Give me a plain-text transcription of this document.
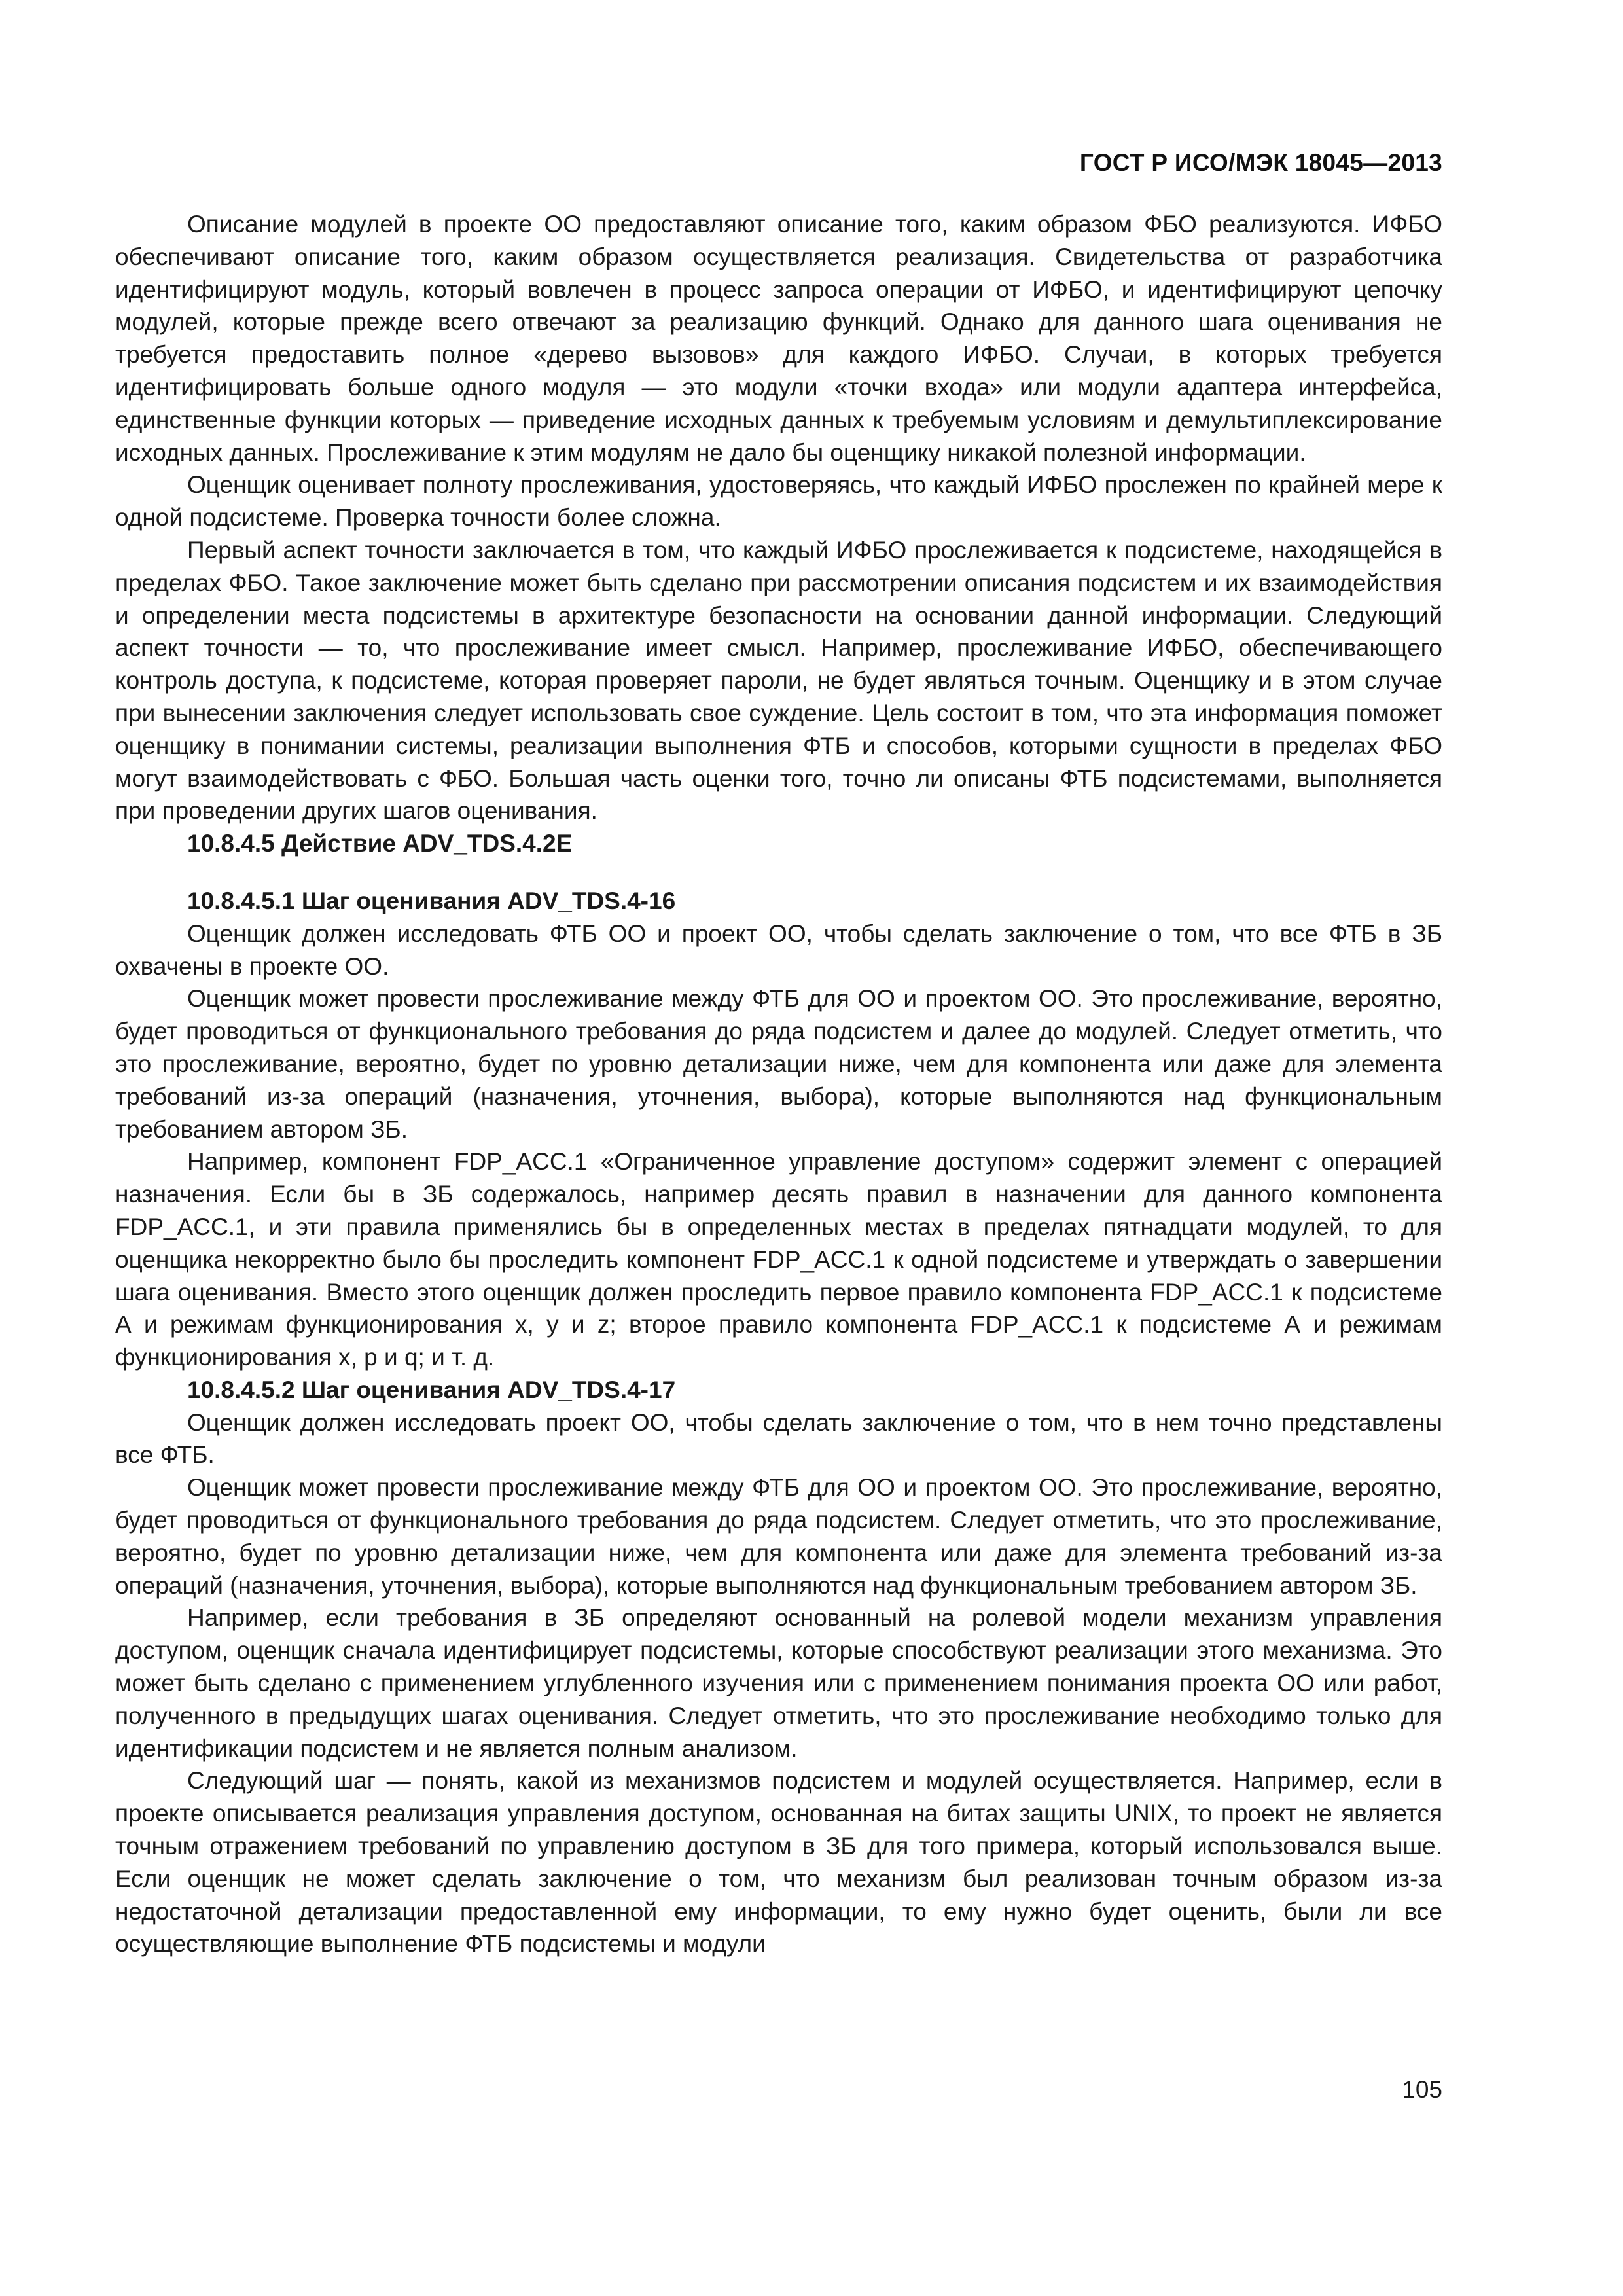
ГОСТ Р ИСО/МЭК 18045—2013

Описание модулей в проекте ОО предоставляют описание того, каким образом ФБО реализуются. ИФБО обеспечивают описание того, каким образом осуществляется реализация. Свидетельства от разработчика идентифицируют модуль, который вовлечен в процесс запроса операции от ИФБО, и идентифицируют цепочку модулей, которые прежде всего отвечают за реализацию функций. Однако для данного шага оценивания не требуется предоставить полное «дерево вызовов» для каждого ИФБО. Случаи, в которых требуется идентифицировать больше одного модуля — это модули «точки входа» или модули адаптера интерфейса, единственные функции которых — приведение исходных данных к требуемым условиям и демультиплексирование исходных данных. Прослеживание к этим модулям не дало бы оценщику никакой полезной информации.

Оценщик оценивает полноту прослеживания, удостоверяясь, что каждый ИФБО прослежен по крайней мере к одной подсистеме. Проверка точности более сложна.

Первый аспект точности заключается в том, что каждый ИФБО прослеживается к подсистеме, находящейся в пределах ФБО. Такое заключение может быть сделано при рассмотрении описания подсистем и их взаимодействия и определении места подсистемы в архитектуре безопасности на основании данной информации. Следующий аспект точности — то, что прослеживание имеет смысл. Например, прослеживание ИФБО, обеспечивающего контроль доступа, к подсистеме, которая проверяет пароли, не будет являться точным. Оценщику и в этом случае при вынесении заключения следует использовать свое суждение. Цель состоит в том, что эта информация поможет оценщику в понимании системы, реализации выполнения ФТБ и способов, которыми сущности в пределах ФБО могут взаимодействовать с ФБО. Большая часть оценки того, точно ли описаны ФТБ подсистемами, выполняется при проведении других шагов оценивания.

10.8.4.5 Действие ADV_TDS.4.2E
10.8.4.5.1 Шаг оценивания ADV_TDS.4-16

Оценщик должен исследовать ФТБ ОО и проект ОО, чтобы сделать заключение о том, что все ФТБ в ЗБ охвачены в проекте ОО.

Оценщик может провести прослеживание между ФТБ для ОО и проектом ОО. Это прослеживание, вероятно, будет проводиться от функционального требования до ряда подсистем и далее до модулей. Следует отметить, что это прослеживание, вероятно, будет по уровню детализации ниже, чем для компонента или даже для элемента требований из-за операций (назначения, уточнения, выбора), которые выполняются над функциональным требованием автором ЗБ.

Например, компонент FDP_ACC.1 «Ограниченное управление доступом» содержит элемент с операцией назначения. Если бы в ЗБ содержалось, например десять правил в назначении для данного компонента FDP_ACC.1, и эти правила применялись бы в определенных местах в пределах пятнадцати модулей, то для оценщика некорректно было бы проследить компонент FDP_ACC.1 к одной подсистеме и утверждать о завершении шага оценивания. Вместо этого оценщик должен проследить первое правило компонента FDP_ACC.1 к подсистеме А и режимам функционирования х, у и z; второе правило компонента FDP_ACC.1 к подсистеме А и режимам функционирования х, р и q; и т. д.

10.8.4.5.2 Шаг оценивания ADV_TDS.4-17

Оценщик должен исследовать проект ОО, чтобы сделать заключение о том, что в нем точно представлены все ФТБ.

Оценщик может провести прослеживание между ФТБ для ОО и проектом ОО. Это прослеживание, вероятно, будет проводиться от функционального требования до ряда подсистем. Следует отметить, что это прослеживание, вероятно, будет по уровню детализации ниже, чем для компонента или даже для элемента требований из-за операций (назначения, уточнения, выбора), которые выполняются над функциональным требованием автором ЗБ.

Например, если требования в ЗБ определяют основанный на ролевой модели механизм управления доступом, оценщик сначала идентифицирует подсистемы, которые способствуют реализации этого механизма. Это может быть сделано с применением углубленного изучения или с применением понимания проекта ОО или работ, полученного в предыдущих шагах оценивания. Следует отметить, что это прослеживание необходимо только для идентификации подсистем и не является полным анализом.

Следующий шаг — понять, какой из механизмов подсистем и модулей осуществляется. Например, если в проекте описывается реализация управления доступом, основанная на битах защиты UNIX, то проект не является точным отражением требований по управлению доступом в ЗБ для того примера, который использовался выше. Если оценщик не может сделать заключение о том, что механизм был реализован точным образом из-за недостаточной детализации предоставленной ему информации, то ему нужно будет оценить, были ли все осуществляющие выполнение ФТБ подсистемы и модули

105
